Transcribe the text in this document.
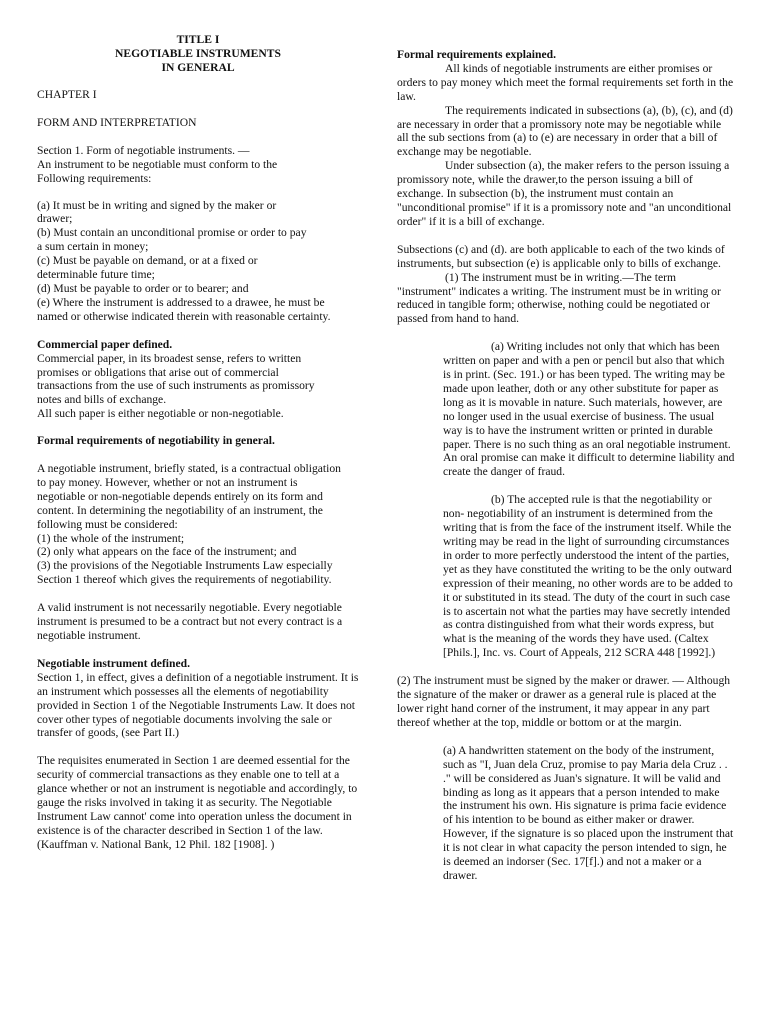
TITLE I
NEGOTIABLE INSTRUMENTS
IN GENERAL

CHAPTER I

FORM AND INTERPRETATION

Section 1. Form of negotiable instruments. —

An instrument to be negotiable must conform to the Following requirements:

(a) It must be in writing and signed by the maker or drawer;

(b) Must contain an unconditional promise or order to pay a sum certain in money;

(c) Must be payable on demand, or at a fixed or determinable future time;

(d) Must be payable to order or to bearer; and

(e) Where the instrument is addressed to a drawee, he must be named or otherwise indicated therein with reasonable certainty.

Commercial paper defined.

Commercial paper, in its broadest sense, refers to written promises or obligations that arise out of commercial transactions from the use of such instruments as promissory notes and bills of exchange.

All such paper is either negotiable or non-negotiable.

Formal requirements of negotiability in general.

A negotiable instrument, briefly stated, is a contractual obligation to pay money. However, whether or not an instrument is negotiable or non-negotiable depends entirely on its form and content. In determining the negotiability of an instrument, the following must be considered:

(1) the whole of the instrument;

(2) only what appears on the face of the instrument; and

(3) the provisions of the Negotiable Instruments Law especially Section 1 thereof which gives the requirements of negotiability.

A valid instrument is not necessarily negotiable. Every negotiable instrument is presumed to be a contract but not every contract is a negotiable instrument.

Negotiable instrument defined.

Section 1, in effect, gives a definition of a negotiable instrument. It is an instrument which possesses all the elements of negotiability provided in Section 1 of the Negotiable Instruments Law. It does not cover other types of negotiable documents involving the sale or transfer of goods, (see Part II.)

The requisites enumerated in Section 1 are deemed essential for the security of commercial transactions as they enable one to tell at a glance whether or not an instrument is negotiable and accordingly, to gauge the risks involved in taking it as security. The Negotiable Instrument Law cannot' come into operation unless the document in existence is of the character described in Section 1 of the law. (Kauffman v. National Bank, 12 Phil. 182 [1908]. )

Formal requirements explained.

All kinds of negotiable instruments are either promises or orders to pay money which meet the formal requirements set forth in the law.

The requirements indicated in subsections (a), (b), (c), and (d) are necessary in order that a promissory note may be negotiable while all the sub sections from (a) to (e) are necessary in order that a bill of exchange may be negotiable.

Under subsection (a), the maker refers to the person issuing a promissory note, while the drawer,to the person issuing a bill of exchange. In subsection (b), the instrument must contain an "unconditional promise" if it is a promissory note and "an unconditional order" if it is a bill of exchange.

Subsections (c) and (d). are both applicable to each of the two kinds of instruments, but subsection (e) is applicable only to bills of exchange.

(1) The instrument must be in writing.—The term "instrument" indicates a writing. The instrument must be in writing or reduced in tangible form; otherwise, nothing could be negotiated or passed from hand to hand.

(a) Writing includes not only that which has been written on paper and with a pen or pencil but also that which is in print. (Sec. 191.) or has been typed. The writing may be made upon leather, doth or any other substitute for paper as long as it is movable in nature. Such materials, however, are no longer used in the usual exercise of business. The usual way is to have the instrument written or printed in durable paper. There is no such thing as an oral negotiable instrument. An oral promise can make it difficult to determine liability and create the danger of fraud.

(b) The accepted rule is that the negotiability or non- negotiability of an instrument is determined from the writing that is from the face of the instrument itself. While the writing may be read in the light of surrounding circumstances in order to more perfectly understood the intent of the parties, yet as they have constituted the writing to be the only outward expression of their meaning, no other words are to be added to it or substituted in its stead. The duty of the court in such case is to ascertain not what the parties may have secretly intended as contra distinguished from what their words express, but what is the meaning of the words they have used. (Caltex [Phils.], Inc. vs. Court of Appeals, 212 SCRA 448 [1992].)

(2) The instrument must be signed by the maker or drawer. — Although the signature of the maker or drawer as a general rule is placed at the lower right hand corner of the instrument, it may appear in any part thereof whether at the top, middle or bottom or at the margin.

(a) A handwritten statement on the body of the instrument, such as "I, Juan dela Cruz, promise to pay Maria dela Cruz . . ." will be considered as Juan's signature. It will be valid and binding as long as it appears that a person intended to make the instrument his own. His signature is prima facie evidence of his intention to be bound as either maker or drawer. However, if the signature is so placed upon the instrument that it is not clear in what capacity the person intended to sign, he is deemed an indorser (Sec. 17[f].) and not a maker or a drawer.
